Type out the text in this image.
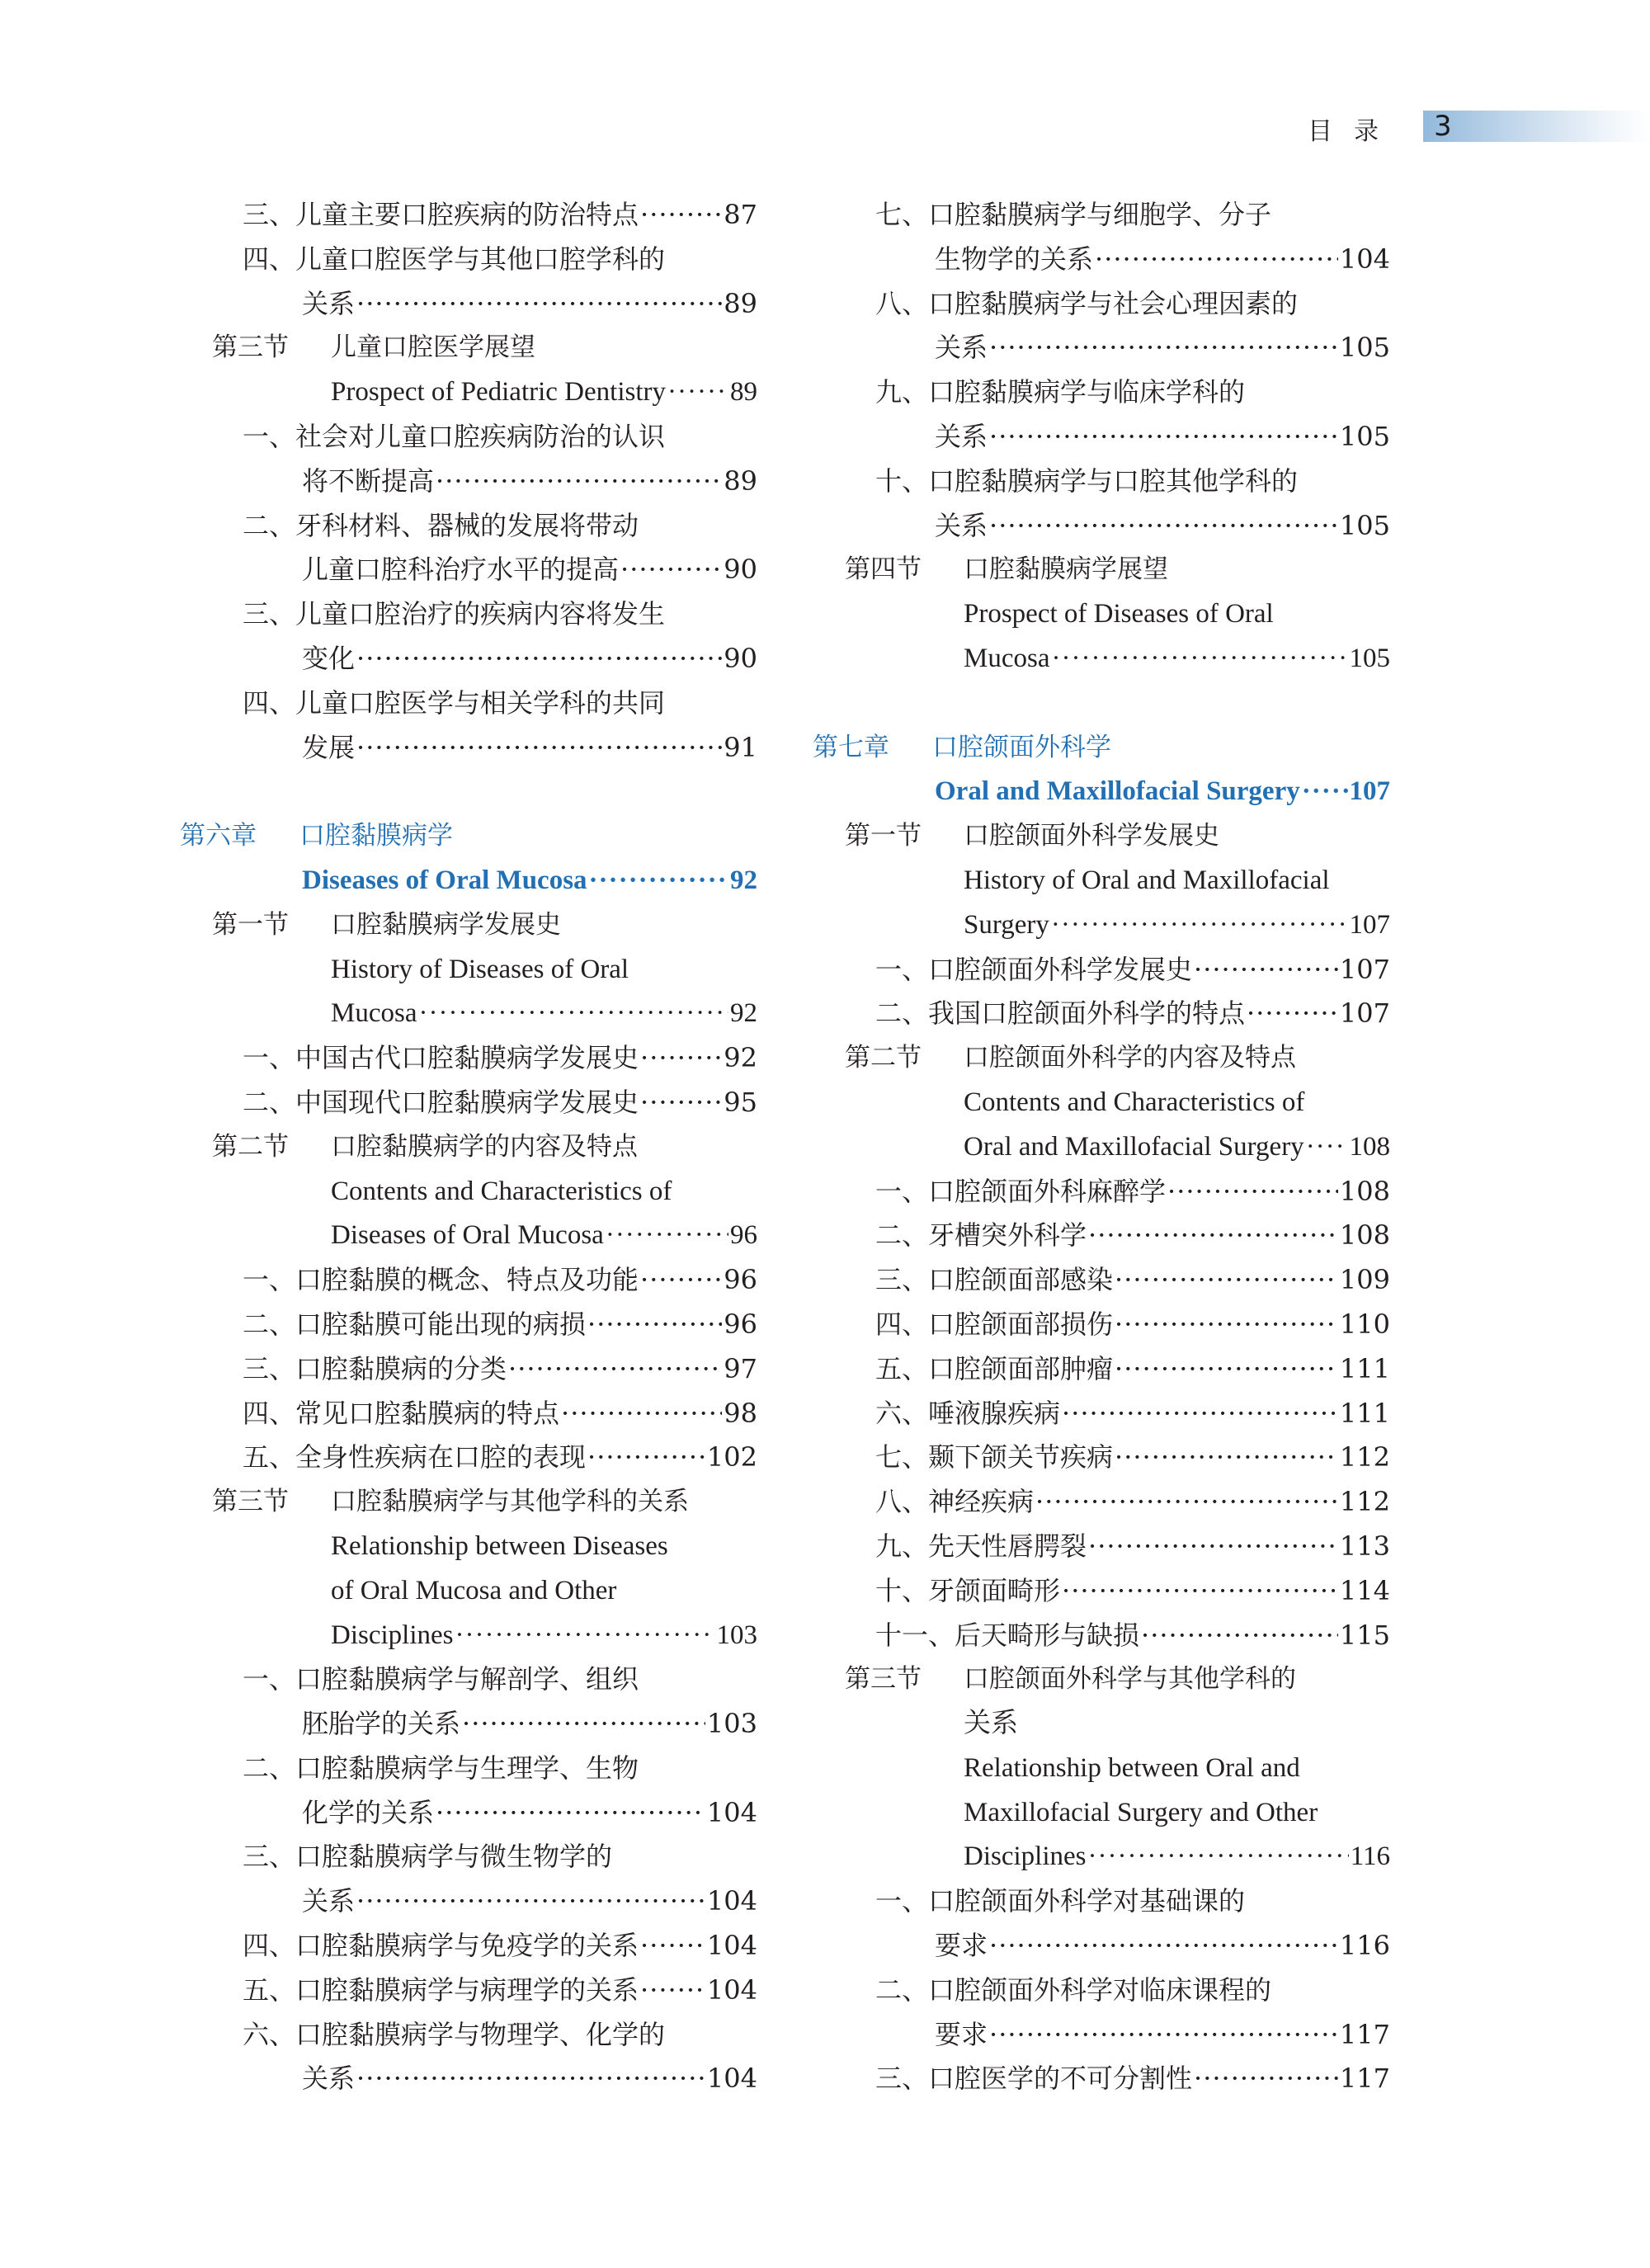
目录 3
三、儿童主要口腔疾病的防治特点 ·····	87
四、儿童口腔医学与其他口腔学科的
关系 ·····	89
第三节	儿童口腔医学展望
Prospect of Pediatric Dentistry ····· 89
一、社会对儿童口腔疾病防治的认识
将不断提高 ·····	89
二、牙科材料、器械的发展将带动
儿童口腔科治疗水平的提高 ·····	90
三、儿童口腔治疗的疾病内容将发生
变化 ·····	90
四、儿童口腔医学与相关学科的共同
发展 ·····	91
第六章	口腔黏膜病学
Diseases of Oral Mucosa ·····	92
第一节	口腔黏膜病学发展史
History of Diseases of Oral
Mucosa ·····	92
一、中国古代口腔黏膜病学发展史 ·····	92
二、中国现代口腔黏膜病学发展史 ·····	95
第二节	口腔黏膜病学的内容及特点
Contents and Characteristics of
Diseases of Oral Mucosa ·····	96
一、口腔黏膜的概念、特点及功能 ·····	96
二、口腔黏膜可能出现的病损 ·····	96
三、口腔黏膜病的分类 ·····	97
四、常见口腔黏膜病的特点 ·····	98
五、全身性疾病在口腔的表现 ·····	102
第三节	口腔黏膜病学与其他学科的关系
Relationship between Diseases
of Oral Mucosa and Other
Disciplines ·····	103
一、口腔黏膜病学与解剖学、组织
胚胎学的关系 ·····	103
二、口腔黏膜病学与生理学、生物
化学的关系 ·····	104
三、口腔黏膜病学与微生物学的
关系 ·····	104
四、口腔黏膜病学与免疫学的关系 ·····	104
五、口腔黏膜病学与病理学的关系 ·····	104
六、口腔黏膜病学与物理学、化学的
关系 ·····	104
七、口腔黏膜病学与细胞学、分子
生物学的关系 ·····	104
八、口腔黏膜病学与社会心理因素的
关系 ·····	105
九、口腔黏膜病学与临床学科的
关系 ·····	105
十、口腔黏膜病学与口腔其他学科的
关系 ·····	105
第四节	口腔黏膜病学展望
Prospect of Diseases of Oral
Mucosa ·····	105
第七章	口腔颌面外科学
Oral and Maxillofacial Surgery ····· 107
第一节	口腔颌面外科学发展史
History of Oral and Maxillofacial
Surgery ·····	107
一、口腔颌面外科学发展史 ·····	107
二、我国口腔颌面外科学的特点 ·····	107
第二节	口腔颌面外科学的内容及特点
Contents and Characteristics of
Oral and Maxillofacial Surgery ····· 108
一、口腔颌面外科麻醉学 ·····	108
二、牙槽突外科学 ·····	108
三、口腔颌面部感染 ·····	109
四、口腔颌面部损伤 ·····	110
五、口腔颌面部肿瘤 ·····	111
六、唾液腺疾病 ·····	111
七、颞下颌关节疾病 ·····	112
八、神经疾病 ·····	112
九、先天性唇腭裂 ·····	113
十、牙颌面畸形 ·····	114
十一、后天畸形与缺损 ·····	115
第三节	口腔颌面外科学与其他学科的
关系
Relationship between Oral and
Maxillofacial Surgery and Other
Disciplines ·····	116
一、口腔颌面外科学对基础课的
要求 ·····	116
二、口腔颌面外科学对临床课程的
要求 ·····	117
三、口腔医学的不可分割性 ·····	117
